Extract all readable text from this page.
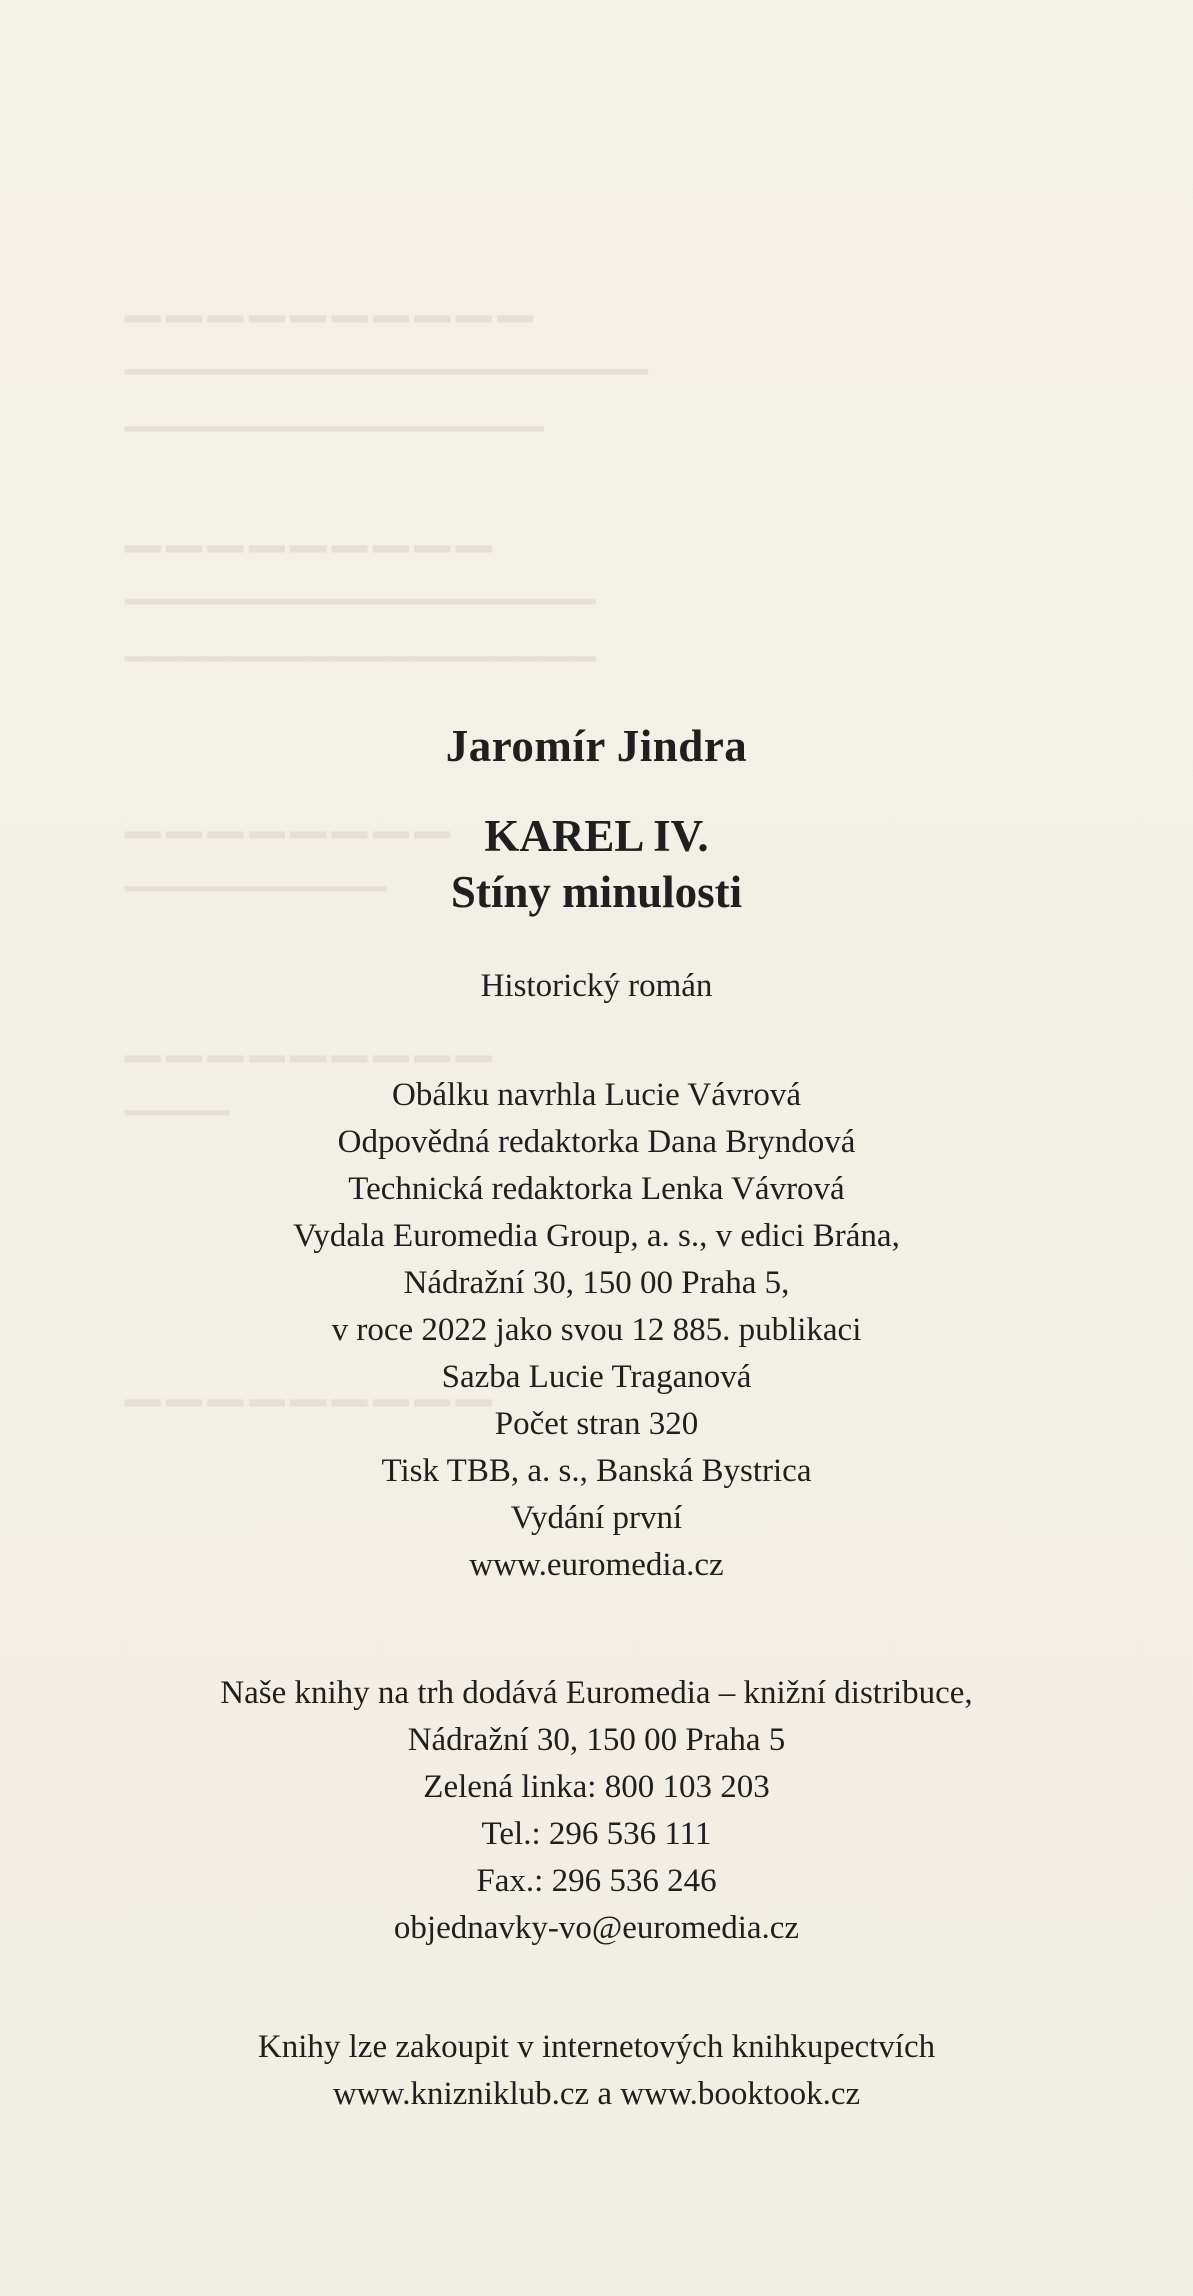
▁▁▁▁▁▁▁▁▁▁
▁▁▁▁▁▁▁▁▁▁▁▁▁▁▁▁▁▁▁▁
▁▁▁▁▁▁▁▁▁▁▁▁▁▁▁▁
▁▁▁▁▁▁▁▁▁
▁▁▁▁▁▁▁▁▁▁▁▁▁▁▁▁▁▁
▁▁▁▁▁▁▁▁▁▁▁▁▁▁▁▁▁▁
▁▁▁▁▁▁▁▁
▁▁▁▁▁▁▁▁▁▁
▁▁▁▁▁▁▁▁▁
▁▁▁▁
▁▁▁▁▁▁▁▁▁
Jaromír Jindra
KAREL IV.
Stíny minulosti
Historický román
Obálku navrhla Lucie Vávrová
Odpovědná redaktorka Dana Bryndová
Technická redaktorka Lenka Vávrová
Vydala Euromedia Group, a. s., v edici Brána,
Nádražní 30, 150 00 Praha 5,
v roce 2022 jako svou 12 885. publikaci
Sazba Lucie Traganová
Počet stran 320
Tisk TBB, a. s., Banská Bystrica
Vydání první
www.euromedia.cz
Naše knihy na trh dodává Euromedia – knižní distribuce,
Nádražní 30, 150 00 Praha 5
Zelená linka: 800 103 203
Tel.: 296 536 111
Fax.: 296 536 246
objednavky-vo@euromedia.cz
Knihy lze zakoupit v internetových knihkupectvích
www.knizniklub.cz a www.booktook.cz
